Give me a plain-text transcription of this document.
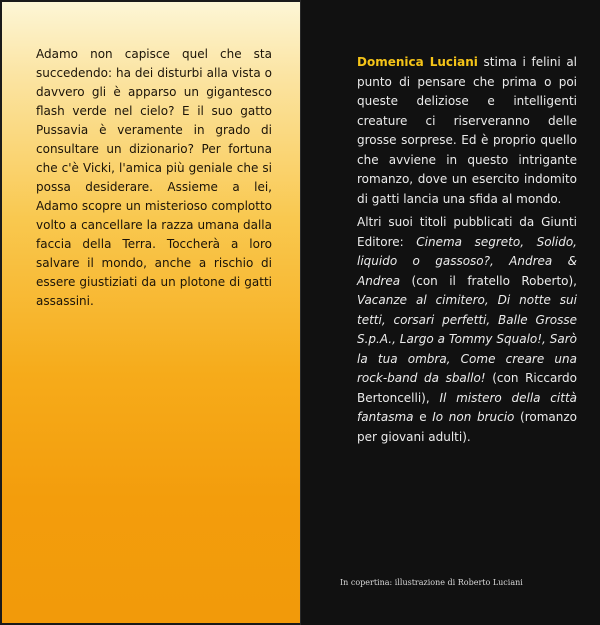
Adamo non capisce quel che sta succedendo: ha dei disturbi alla vista o davvero gli è apparso un gigantesco flash verde nel cielo? E il suo gatto Pussavia è veramente in grado di consultare un dizionario? Per fortuna che c'è Vicki, l'amica più geniale che si possa desiderare. Assieme a lei, Adamo scopre un misterioso complotto volto a cancellare la razza umana dalla faccia della Terra. Toccherà a loro salvare il mondo, anche a rischio di essere giustiziati da un plotone di gatti assassini.

Domenica Luciani stima i felini al punto di pensare che prima o poi queste deliziose e intelligenti creature ci riserveranno delle grosse sorprese. Ed è proprio quello che avviene in questo intrigante romanzo, dove un esercito indomito di gatti lancia una sfida al mondo.

Altri suoi titoli pubblicati da Giunti Editore: Cinema segreto, Solido, liquido o gassoso?, Andrea & Andrea (con il fratello Roberto), Vacanze al cimitero, Di notte sui tetti, corsari perfetti, Balle Grosse S.p.A., Largo a Tommy Squalo!, Sarò la tua ombra, Come creare una rock-band da sballo! (con Riccardo Bertoncelli), Il mistero della città fantasma e Io non brucio (romanzo per giovani adulti).

In copertina: illustrazione di Roberto Luciani
